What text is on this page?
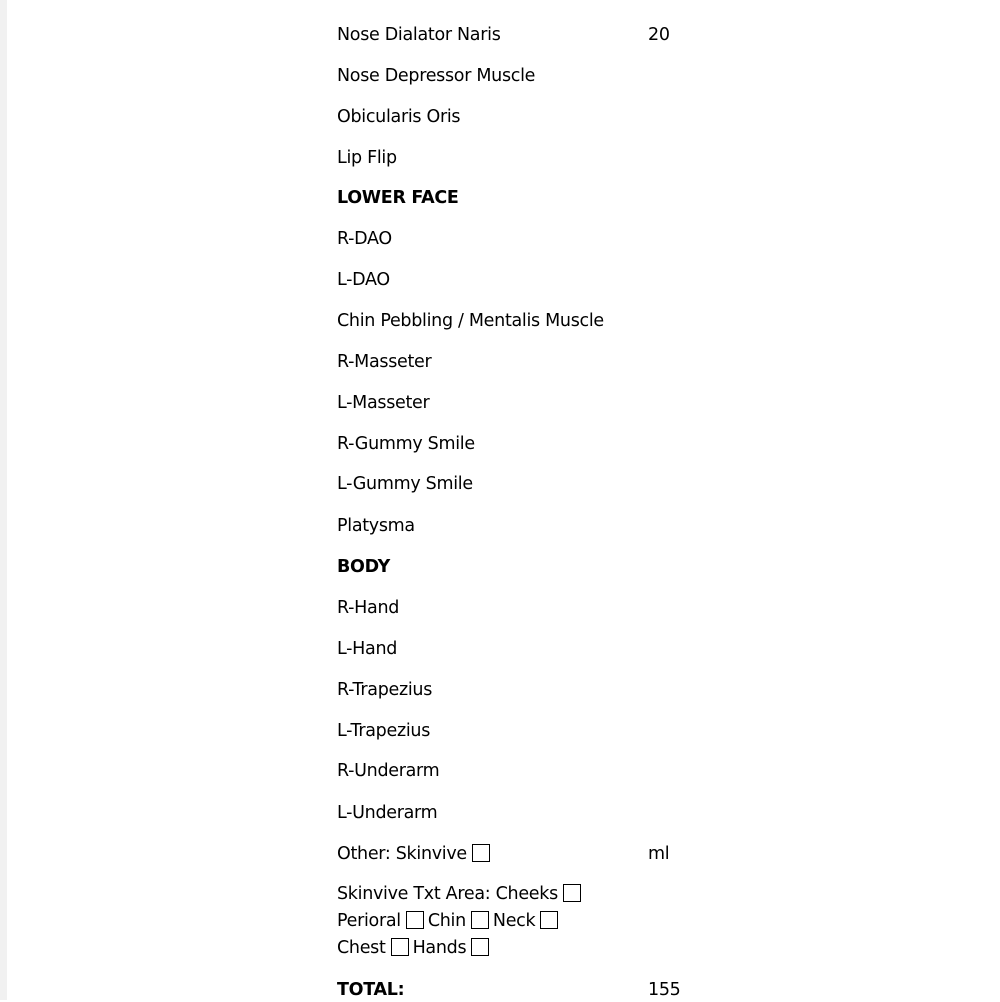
Nose Dialator Naris	20
Nose Depressor Muscle
Obicularis Oris
Lip Flip
LOWER FACE
R-DAO
L-DAO
Chin Pebbling / Mentalis Muscle
R-Masseter
L-Masseter
R-Gummy Smile
L-Gummy Smile
Platysma
BODY
R-Hand
L-Hand
R-Trapezius
L-Trapezius
R-Underarm
L-Underarm
Other: Skinvive	ml
Skinvive Txt Area: Cheeks
Perioral Chin Neck
Chest Hands
TOTAL:	155
